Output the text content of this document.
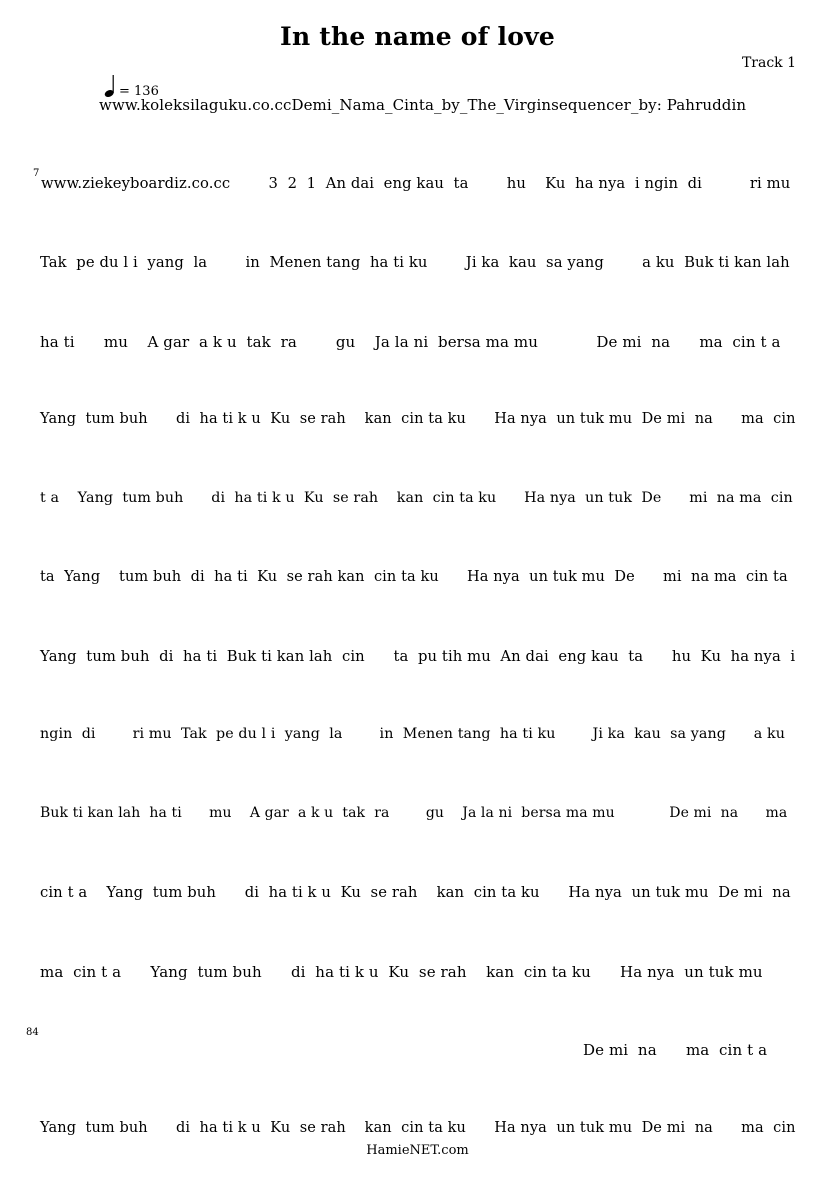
In the name of love
Track 1
= 136
www.koleksilaguku.co.ccDemi_Nama_Cinta_by_The_Virginsequencer_by: Pahruddin
7
www.ziekeyboardiz.co.cc        3  2  1  An dai  eng kau  ta        hu    Ku  ha nya  i ngin  di          ri mu
Tak  pe du l i  yang  la        in  Menen tang  ha ti ku        Ji ka  kau  sa yang        a ku  Buk ti kan lah
ha ti      mu    A gar  a k u  tak  ra        gu    Ja la ni  bersa ma mu            De mi  na      ma  cin t a
Yang  tum buh      di  ha ti k u  Ku  se rah    kan  cin ta ku      Ha nya  un tuk mu  De mi  na      ma  cin
t a    Yang  tum buh      di  ha ti k u  Ku  se rah    kan  cin ta ku      Ha nya  un tuk  De      mi  na ma  cin
ta  Yang    tum buh  di  ha ti  Ku  se rah kan  cin ta ku      Ha nya  un tuk mu  De      mi  na ma  cin ta
Yang  tum buh  di  ha ti  Buk ti kan lah  cin      ta  pu tih mu  An dai  eng kau  ta      hu  Ku  ha nya  i
ngin  di        ri mu  Tak  pe du l i  yang  la        in  Menen tang  ha ti ku        Ji ka  kau  sa yang      a ku
Buk ti kan lah  ha ti      mu    A gar  a k u  tak  ra        gu    Ja la ni  bersa ma mu            De mi  na      ma
cin t a    Yang  tum buh      di  ha ti k u  Ku  se rah    kan  cin ta ku      Ha nya  un tuk mu  De mi  na
ma  cin t a      Yang  tum buh      di  ha ti k u  Ku  se rah    kan  cin ta ku      Ha nya  un tuk mu
84
De mi  na      ma  cin t a
Yang  tum buh      di  ha ti k u  Ku  se rah    kan  cin ta ku      Ha nya  un tuk mu  De mi  na      ma  cin
HamieNET.com
